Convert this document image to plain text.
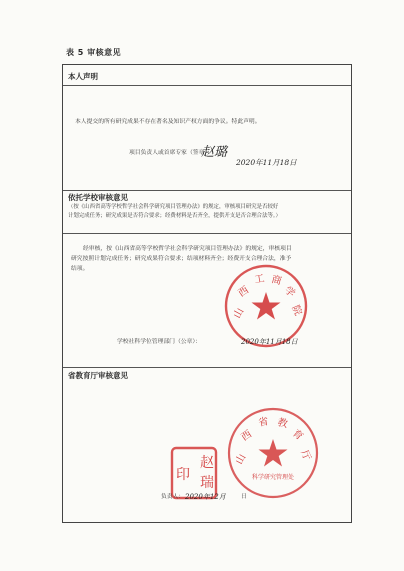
表 5 审核意见
本人声明
本人提交的所有研究成果不存在著名及知识产权方面的争议。特此声明。
项目负责人或首席专家（签章）：
赵璐
2020年11月18日
依托学校审核意见
（按《山西省高等学校哲学社会科学研究项目管理办法》的规定，审核项目研究是否较好
计划完成任务；研究成果是否符合要求；经费材料是否齐全，提供开支是否合理合法等。）
经审核，按《山西省高等学校哲学社会科学研究项目管理办法》的规定，审核项目
研究按照计划完成任务；研究成果符合要求；结项材料齐全；经费开支合理合法，准予
结项。
山
西
工 商
学
院
学校社科学位管理部门（公章）：	2020年11月18日
省教育厅审核意见
山
西
省 教
育
厅
科学研究管理处
赵
瑞
印
负责人： 2020年12月	日
